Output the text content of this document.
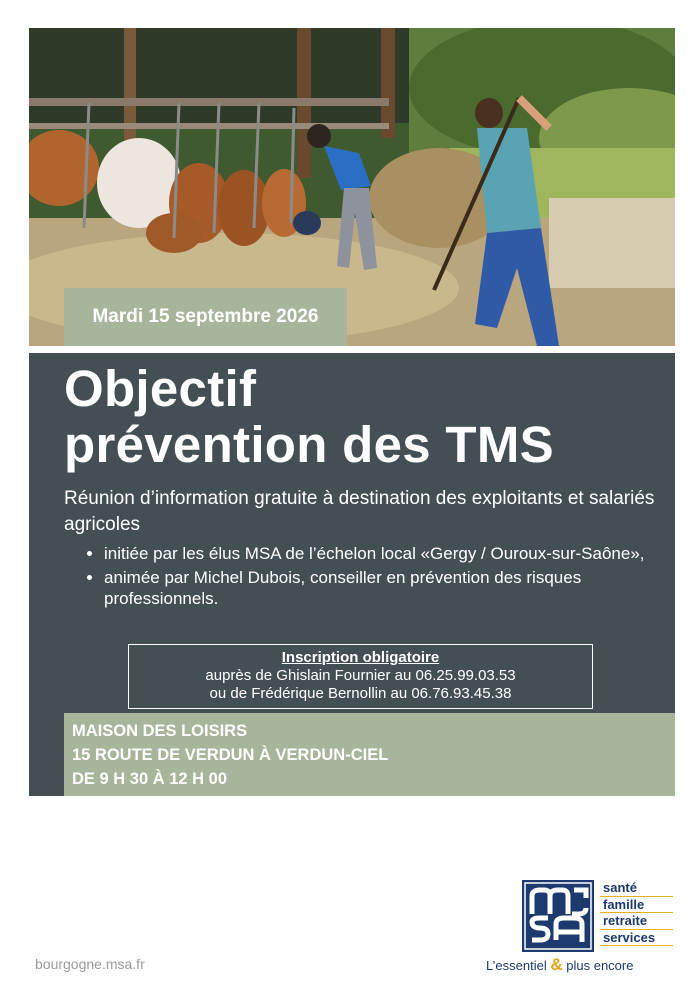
Mardi 15 septembre 2026
Objectif
prévention des TMS

Réunion d’information gratuite à destination des exploitants et salariés agricoles

• initiée par les élus MSA de l’échelon local «Gergy / Ouroux-sur-Saône»,
• animée par Michel Dubois, conseiller en prévention des risques professionnels.
Inscription obligatoire
auprès de Ghislain Fournier au 06.25.99.03.53
ou de Frédérique Bernollin au 06.76.93.45.38
MAISON DES LOISIRS
15 ROUTE DE VERDUN À VERDUN-CIEL
DE 9 H 30 À 12 H 00
bourgogne.msa.fr
santé
famille
retraite
services
L’essentiel & plus encore
